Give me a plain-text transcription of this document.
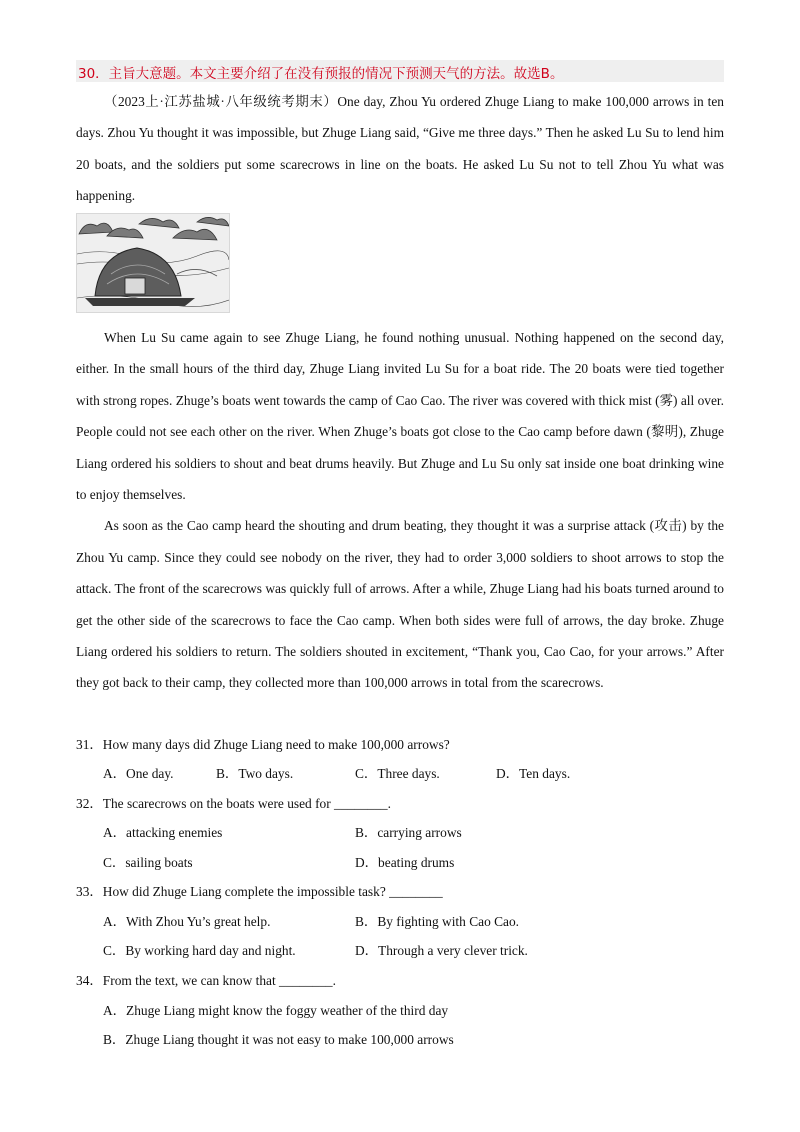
30．主旨大意题。本文主要介绍了在没有预报的情况下预测天气的方法。故选B。

（2023上·江苏盐城·八年级统考期末）One day, Zhou Yu ordered Zhuge Liang to make 100,000 arrows in ten days. Zhou Yu thought it was impossible, but Zhuge Liang said, “Give me three days.” Then he asked Lu Su to lend him 20 boats, and the soldiers put some scarecrows in line on the boats. He asked Lu Su not to tell Zhou Yu what was happening.

When Lu Su came again to see Zhuge Liang, he found nothing unusual. Nothing happened on the second day, either. In the small hours of the third day, Zhuge Liang invited Lu Su for a boat ride. The 20 boats were tied together with strong ropes. Zhuge’s boats went towards the camp of Cao Cao. The river was covered with thick mist (雾) all over. People could not see each other on the river. When Zhuge’s boats got close to the Cao camp before dawn (黎明), Zhuge Liang ordered his soldiers to shout and beat drums heavily. But Zhuge and Lu Su only sat inside one boat drinking wine to enjoy themselves.

As soon as the Cao camp heard the shouting and drum beating, they thought it was a surprise attack (攻击) by the Zhou Yu camp. Since they could see nobody on the river, they had to order 3,000 soldiers to shoot arrows to stop the attack. The front of the scarecrows was quickly full of arrows. After a while, Zhuge Liang had his boats turned around to get the other side of the scarecrows to face the Cao camp. When both sides were full of arrows, the day broke. Zhuge Liang ordered his soldiers to return. The soldiers shouted in excitement, “Thank you, Cao Cao, for your arrows.” After they got back to their camp, they collected more than 100,000 arrows in total from the scarecrows.

31．How many days did Zhuge Liang need to make 100,000 arrows?
A．One day.	B．Two days.	C．Three days.	D．Ten days.
32．The scarecrows on the boats were used for ________.
A．attacking enemies	B．carrying arrows
C．sailing boats	D．beating drums
33．How did Zhuge Liang complete the impossible task? ________
A．With Zhou Yu’s great help.	B．By fighting with Cao Cao.
C．By working hard day and night.	D．Through a very clever trick.
34．From the text, we can know that ________.
A．Zhuge Liang might know the foggy weather of the third day
B．Zhuge Liang thought it was not easy to make 100,000 arrows
